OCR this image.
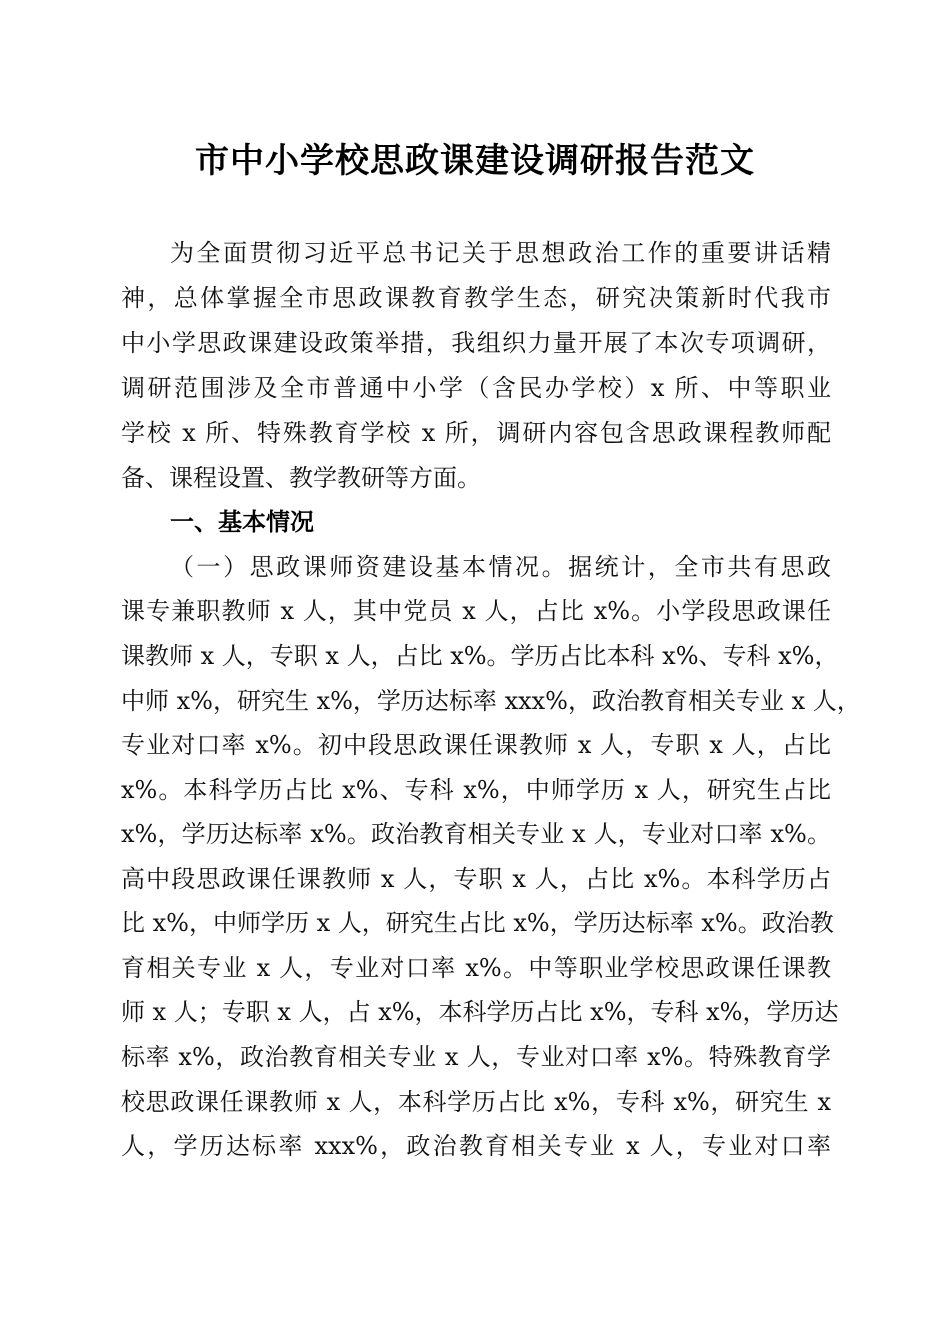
市中小学校思政课建设调研报告范文

为全面贯彻习近平总书记关于思想政治工作的重要讲话精

神，总体掌握全市思政课教育教学生态，研究决策新时代我市

中小学思政课建设政策举措，我组织力量开展了本次专项调研，

调研范围涉及全市普通中小学（含民办学校）x 所、中等职业

学校 x 所、特殊教育学校 x 所，调研内容包含思政课程教师配

备、课程设置、教学教研等方面。

一、基本情况

（一）思政课师资建设基本情况。据统计，全市共有思政

课专兼职教师 x 人，其中党员 x 人，占比 x%。小学段思政课任

课教师 x 人，专职 x 人，占比 x%。学历占比本科 x%、专科 x%，

中师 x%，研究生 x%，学历达标率 xxx%，政治教育相关专业 x 人，

专业对口率 x%。初中段思政课任课教师 x 人，专职 x 人，占比

x%。本科学历占比 x%、专科 x%，中师学历 x 人，研究生占比

x%，学历达标率 x%。政治教育相关专业 x 人，专业对口率 x%。

高中段思政课任课教师 x 人，专职 x 人，占比 x%。本科学历占

比 x%，中师学历 x 人，研究生占比 x%，学历达标率 x%。政治教

育相关专业 x 人，专业对口率 x%。中等职业学校思政课任课教

师 x 人；专职 x 人，占 x%，本科学历占比 x%，专科 x%，学历达

标率 x%，政治教育相关专业 x 人，专业对口率 x%。特殊教育学

校思政课任课教师 x 人，本科学历占比 x%，专科 x%，研究生 x

人，学历达标率 xxx%，政治教育相关专业 x 人，专业对口率
